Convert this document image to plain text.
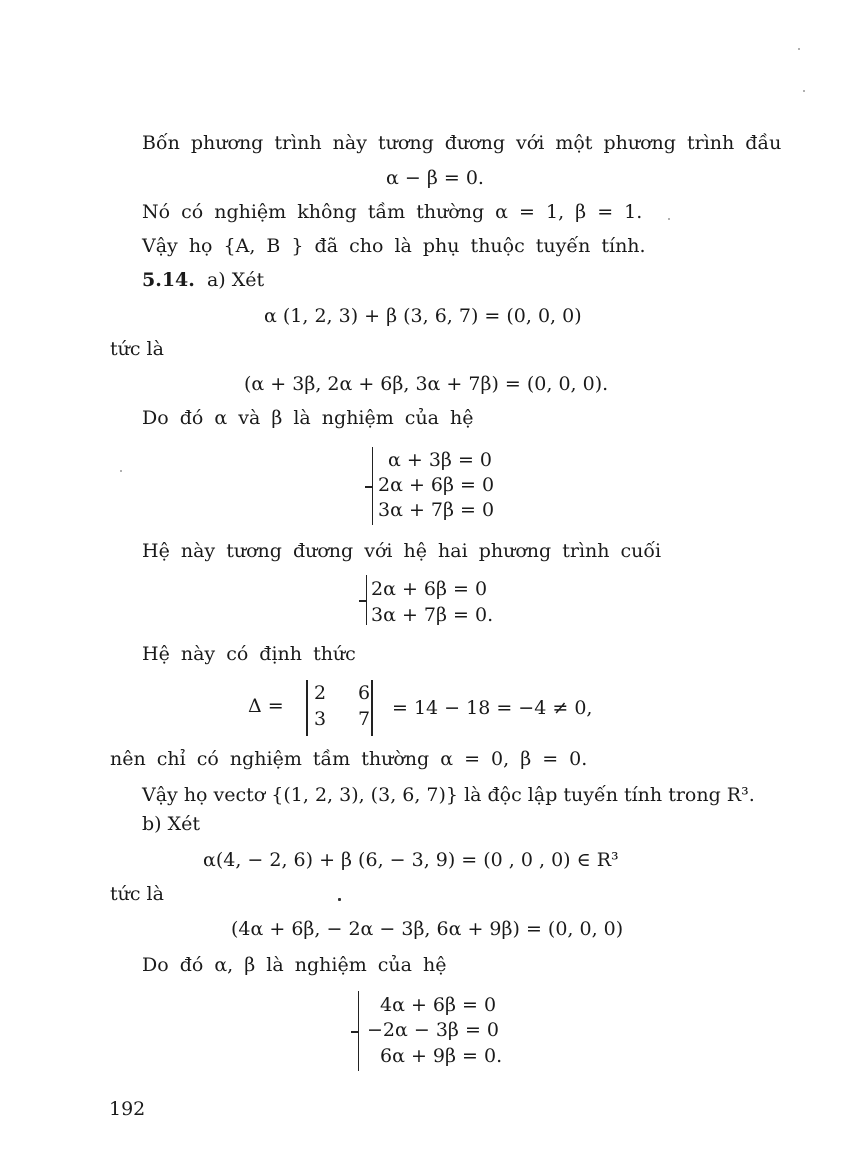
Bốn phương trình này tương đương với một phương trình đầu
α − β = 0.
Nó có nghiệm không tầm thường α = 1, β = 1.
Vậy họ {A, B } đã cho là phụ thuộc tuyến tính.
5.14. a) Xét
α (1, 2, 3) + β (3, 6, 7) = (0, 0, 0)
tức là
(α + 3β, 2α + 6β, 3α + 7β) = (0, 0, 0).
Do đó α và β là nghiệm của hệ
α + 3β = 0
2α + 6β = 0
3α + 7β = 0
Hệ này tương đương với hệ hai phương trình cuối
2α + 6β = 0
3α + 7β = 0.
Hệ này có định thức
Δ =
2 6
3 7 = 14 − 18 = −4 ≠ 0,
nên chỉ có nghiệm tầm thường α = 0, β = 0.
Vậy họ vectơ {(1, 2, 3), (3, 6, 7)} là độc lập tuyến tính trong R³.
b) Xét
α(4, − 2, 6) + β (6, − 3, 9) = (0 , 0 , 0) ∈ R³
tức là
(4α + 6β, − 2α − 3β, 6α + 9β) = (0, 0, 0)
Do đó α, β là nghiệm của hệ
4α + 6β = 0
−2α − 3β = 0
6α + 9β = 0.
192
